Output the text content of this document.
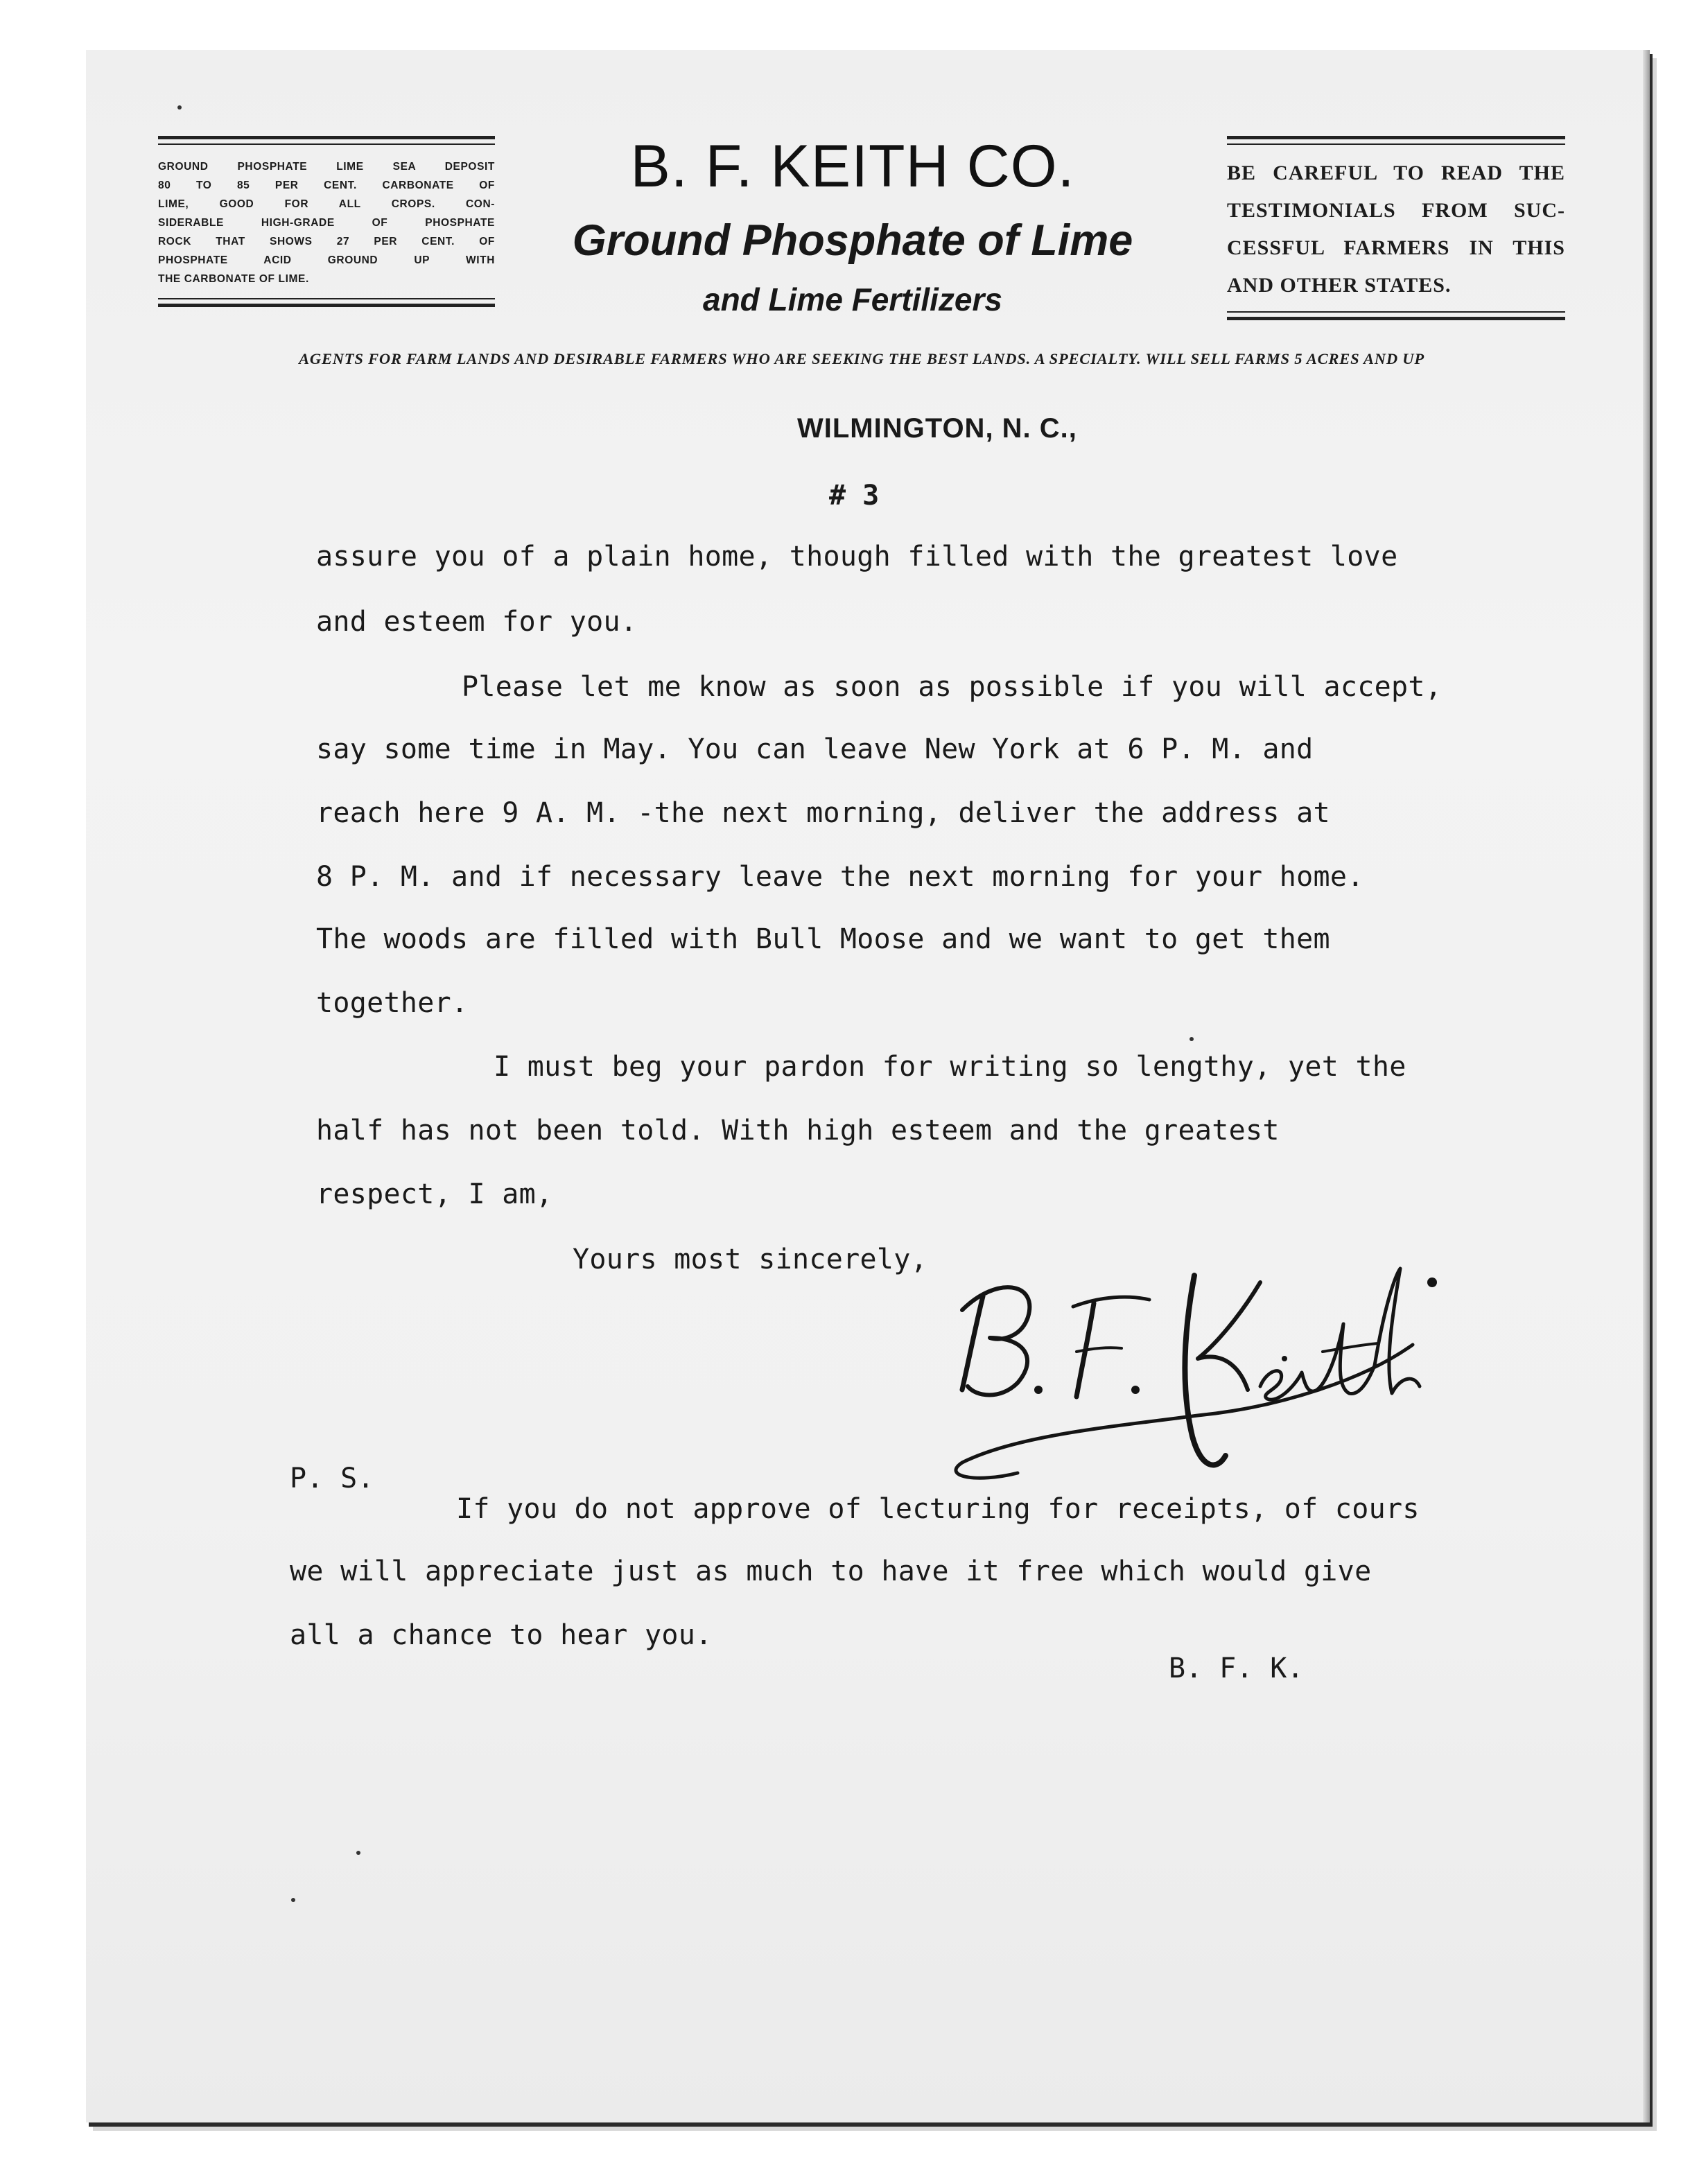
GROUND PHOSPHATE LIME SEA DEPOSIT

80 TO 85 PER CENT. CARBONATE OF

LIME, GOOD FOR ALL CROPS. CON-

SIDERABLE HIGH-GRADE OF PHOSPHATE

ROCK THAT SHOWS 27 PER CENT. OF

PHOSPHATE ACID GROUND UP WITH

THE CARBONATE OF LIME.

B. F. KEITH CO.
Ground Phosphate of Lime
and Lime Fertilizers

BE CAREFUL TO READ THE

TESTIMONIALS FROM SUC-

CESSFUL FARMERS IN THIS

AND OTHER STATES.

AGENTS FOR FARM LANDS AND DESIRABLE FARMERS WHO ARE SEEKING THE BEST LANDS. A SPECIALTY. WILL SELL FARMS 5 ACRES AND UP
WILMINGTON, N. C.,
# 3
assure you of a plain home, though filled with the greatest love
and esteem for you.
Please let me know as soon as possible if you will accept,
say some time in May. You can leave New York at 6 P. M. and
reach here 9 A. M. -the next morning, deliver the address at
8 P. M. and if necessary leave the next morning for your home.
The woods are filled with Bull Moose and we want to get them
together.
I must beg your pardon for writing so lengthy, yet the
half has not been told. With high esteem and the greatest
respect, I am,
Yours most sincerely,
P. S.
If you do not approve of lecturing for receipts, of cours
we will appreciate just as much to have it free which would give
all a chance to hear you.
B. F. K.
